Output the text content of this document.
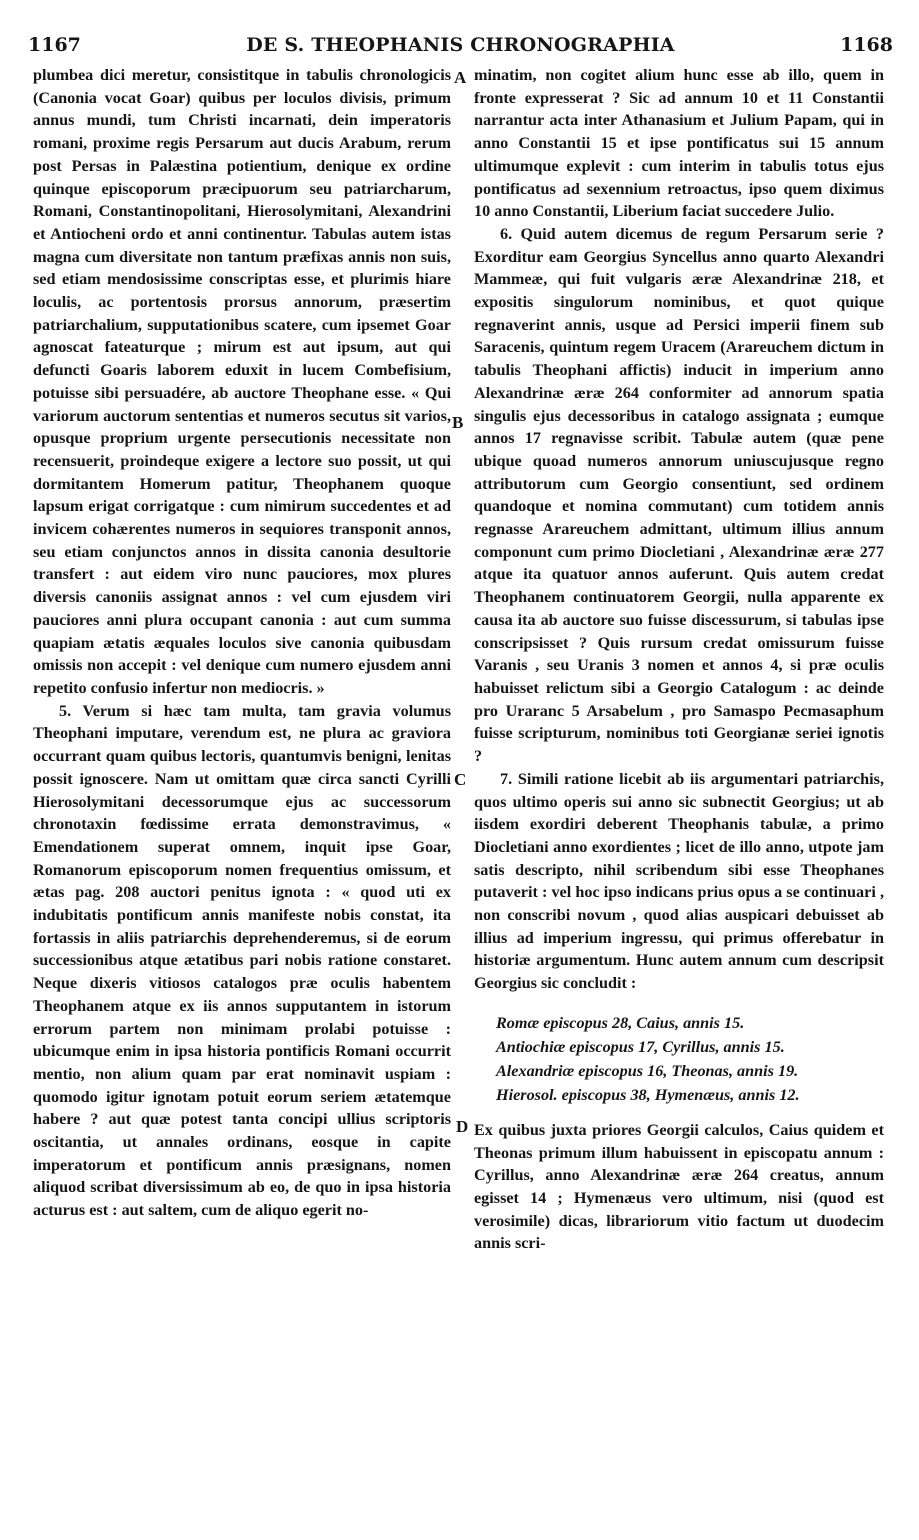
1167	DE S. THEOPHANIS CHRONOGRAPHIA	1168

plumbea dici meretur, consistitque in tabulis chronologicis (Canonia vocat Goar) quibus per loculos divisis, primum annus mundi, tum Christi incarnati, dein imperatoris romani, proxime regis Persarum aut ducis Arabum, rerum post Persas in Palæstina potientium, denique ex ordine quinque episcoporum præcipuorum seu patriarcharum, Romani, Constantinopolitani, Hierosolymitani, Alexandrini et Antiocheni ordo et anni continentur. Tabulas autem istas magna cum diversitate non tantum præfixas annis non suis, sed etiam mendosissime conscriptas esse, et plurimis hiare loculis, ac portentosis prorsus annorum, præsertim patriarchalium, supputationibus scatere, cum ipsemet Goar agnoscat fateaturque ; mirum est aut ipsum, aut qui defuncti Goaris laborem eduxit in lucem Combefisium, potuisse sibi persuadére, ab auctore Theophane esse. « Qui variorum auctorum sententias et numeros secutus sit varios, opusque proprium urgente persecutionis necessitate non recensuerit, proindeque exigere a lectore suo possit, ut qui dormitantem Homerum patitur, Theophanem quoque lapsum erigat corrigatque : cum nimirum succedentes et ad invicem cohærentes numeros in sequiores transponit annos, seu etiam conjunctos annos in dissita canonia desultorie transfert : aut eidem viro nunc pauciores, mox plures diversis canoniis assignat annos : vel cum ejusdem viri pauciores anni plura occupant canonia : aut cum summa quapiam ætatis æquales loculos sive canonia quibusdam omissis non accepit : vel denique cum numero ejusdem anni repetito confusio infertur non mediocris. »

5. Verum si hæc tam multa, tam gravia volumus Theophani imputare, verendum est, ne plura ac graviora occurrant quam quibus lectoris, quantumvis benigni, lenitas possit ignoscere. Nam ut omittam quæ circa sancti Cyrilli Hierosolymitani decessorumque ejus ac successorum chronotaxin fœdissime errata demonstravimus, « Emendationem superat omnem, inquit ipse Goar, Romanorum episcoporum nomen frequentius omissum, et ætas pag. 208 auctori penitus ignota : « quod uti ex indubitatis pontificum annis manifeste nobis constat, ita fortassis in aliis patriarchis deprehenderemus, si de eorum successionibus atque ætatibus pari nobis ratione constaret. Neque dixeris vitiosos catalogos præ oculis habentem Theophanem atque ex iis annos supputantem in istorum errorum partem non minimam prolabi potuisse : ubicumque enim in ipsa historia pontificis Romani occurrit mentio, non alium quam par erat nominavit uspiam : quomodo igitur ignotam potuit eorum seriem ætatemque habere ? aut quæ potest tanta concipi ullius scriptoris oscitantia, ut annales ordinans, eosque in capite imperatorum et pontificum annis præsignans, nomen aliquod scribat diversissimum ab eo, de quo in ipsa historia acturus est : aut saltem, cum de aliquo egerit no-

minatim, non cogitet alium hunc esse ab illo, quem in fronte expresserat ? Sic ad annum 10 et 11 Constantii narrantur acta inter Athanasium et Julium Papam, qui in anno Constantii 15 et ipse pontificatus sui 15 annum ultimumque explevit : cum interim in tabulis totus ejus pontificatus ad sexennium retroactus, ipso quem diximus 10 anno Constantii, Liberium faciat succedere Julio.

6. Quid autem dicemus de regum Persarum serie ? Exorditur eam Georgius Syncellus anno quarto Alexandri Mammeæ, qui fuit vulgaris æræ Alexandrinæ 218, et expositis singulorum nominibus, et quot quique regnaverint annis, usque ad Persici imperii finem sub Saracenis, quintum regem Uracem (Arareuchem dictum in tabulis Theophani affictis) inducit in imperium anno Alexandrinæ æræ 264 conformiter ad annorum spatia singulis ejus decessoribus in catalogo assignata ; eumque annos 17 regnavisse scribit. Tabulæ autem (quæ pene ubique quoad numeros annorum uniuscujusque regno attributorum cum Georgio consentiunt, sed ordinem quandoque et nomina commutant) cum totidem annis regnasse Arareuchem admittant, ultimum illius annum componunt cum primo Diocletiani , Alexandrinæ æræ 277 atque ita quatuor annos auferunt. Quis autem credat Theophanem continuatorem Georgii, nulla apparente ex causa ita ab auctore suo fuisse discessurum, si tabulas ipse conscripsisset ? Quis rursum credat omissurum fuisse Varanis , seu Uranis 3 nomen et annos 4, si præ oculis habuisset relictum sibi a Georgio Catalogum : ac deinde pro Uraranc 5 Arsabelum , pro Samaspo Pecmasaphum fuisse scripturum, nominibus toti Georgianæ seriei ignotis ?

7. Simili ratione licebit ab iis argumentari patriarchis, quos ultimo operis sui anno sic subnectit Georgius; ut ab iisdem exordiri deberent Theophanis tabulæ, a primo Diocletiani anno exordientes ; licet de illo anno, utpote jam satis descripto, nihil scribendum sibi esse Theophanes putaverit : vel hoc ipso indicans prius opus a se continuari , non conscribi novum , quod alias auspicari debuisset ab illius ad imperium ingressu, qui primus offerebatur in historiæ argumentum. Hunc autem annum cum descripsit Georgius sic concludit :

Romæ episcopus 28, Caius, annis 15.
Antiochiæ episcopus 17, Cyrillus, annis 15.
Alexandriæ episcopus 16, Theonas, annis 19.
Hierosol. episcopus 38, Hymenæus, annis 12.

Ex quibus juxta priores Georgii calculos, Caius quidem et Theonas primum illum habuissent in episcopatu annum : Cyrillus, anno Alexandrinæ æræ 264 creatus, annum egisset 14 ; Hymenæus vero ultimum, nisi (quod est verosimile) dicas, librariorum vitio factum ut duodecim annis scri-

A
B
C
D
